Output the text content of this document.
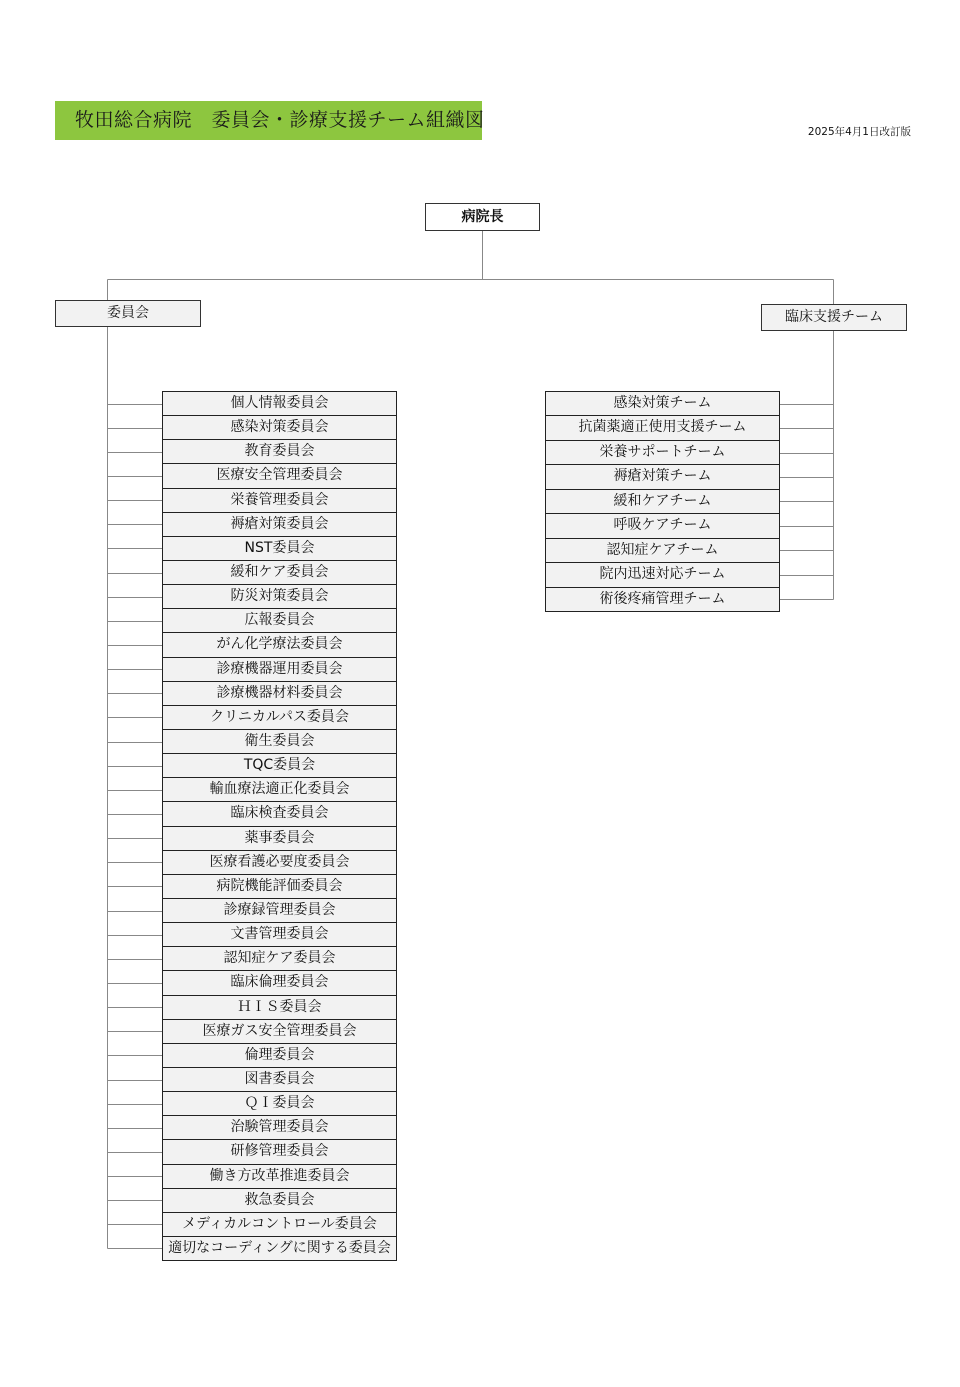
牧田総合病院　委員会・診療支援チーム組織図
2025年4月1日改訂版
病院長
委員会	臨床支援チーム
個人情報委員会
感染対策委員会
教育委員会
医療安全管理委員会
栄養管理委員会
褥瘡対策委員会
NST委員会
緩和ケア委員会
防災対策委員会
広報委員会
がん化学療法委員会
診療機器運用委員会
診療機器材料委員会
クリニカルパス委員会
衛生委員会
TQC委員会
輸血療法適正化委員会
臨床検査委員会
薬事委員会
医療看護必要度委員会
病院機能評価委員会
診療録管理委員会
文書管理委員会
認知症ケア委員会
臨床倫理委員会
ＨＩＳ委員会
医療ガス安全管理委員会
倫理委員会
図書委員会
ＱＩ委員会
治験管理委員会
研修管理委員会
働き方改革推進委員会
救急委員会
メディカルコントロール委員会
適切なコーディングに関する委員会
感染対策チーム
抗菌薬適正使用支援チーム
栄養サポートチーム
褥瘡対策チーム
緩和ケアチーム
呼吸ケアチーム
認知症ケアチーム
院内迅速対応チーム
術後疼痛管理チーム
